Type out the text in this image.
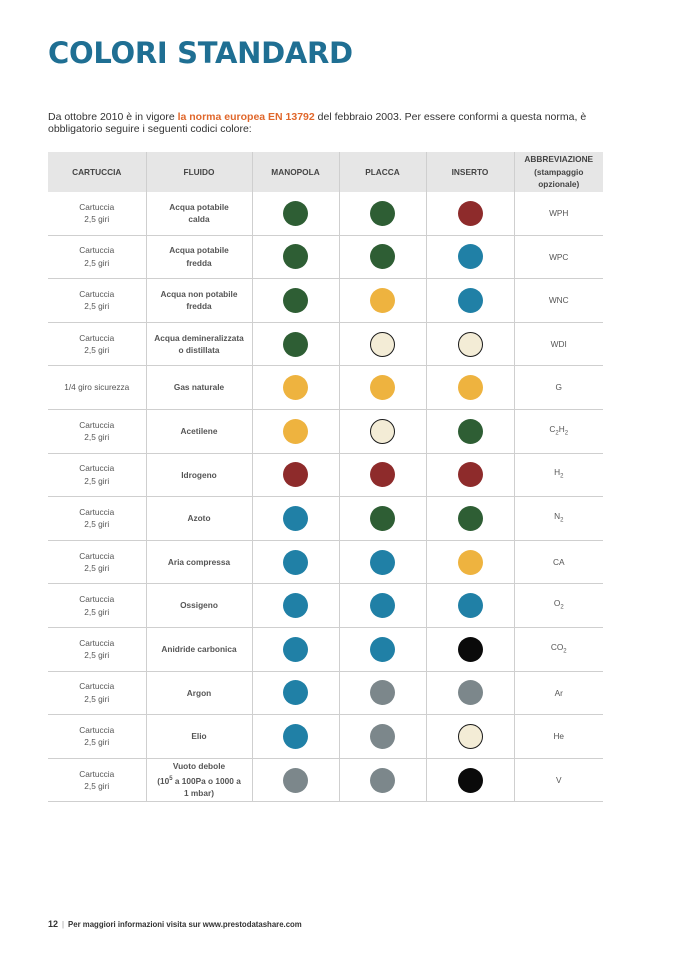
COLORI STANDARD

Da ottobre 2010 è in vigore la norma europea EN 13792 del febbraio 2003. Per essere conformi a questa norma, è obbligatorio seguire i seguenti codici colore:

CARTUCCIA	FLUIDO	MANOPOLA	PLACCA	INSERTO	ABBREVIAZIONE
(stampaggio
opzionale)
Cartuccia
2,5 giri	Acqua potabile
calda				WPH
Cartuccia
2,5 giri	Acqua potabile
fredda				WPC
Cartuccia
2,5 giri	Acqua non potabile
fredda				WNC
Cartuccia
2,5 giri	Acqua demineralizzata
o distillata				WDI
1/4 giro sicurezza	Gas naturale				G
Cartuccia
2,5 giri	Acetilene				$C_2H_2$
Cartuccia
2,5 giri	Idrogeno				$H_2$
Cartuccia
2,5 giri	Azoto				$N_2$
Cartuccia
2,5 giri	Aria compressa				CA
Cartuccia
2,5 giri	Ossigeno				$O_2$
Cartuccia
2,5 giri	Anidride carbonica				$CO_2$
Cartuccia
2,5 giri	Argon				Ar
Cartuccia
2,5 giri	Elio				He
Cartuccia
2,5 giri	Vuoto debole
($10^5$ a 100Pa o 1000 a
1 mbar)				V
12 | Per maggiori informazioni visita sur www.prestodatashare.com
